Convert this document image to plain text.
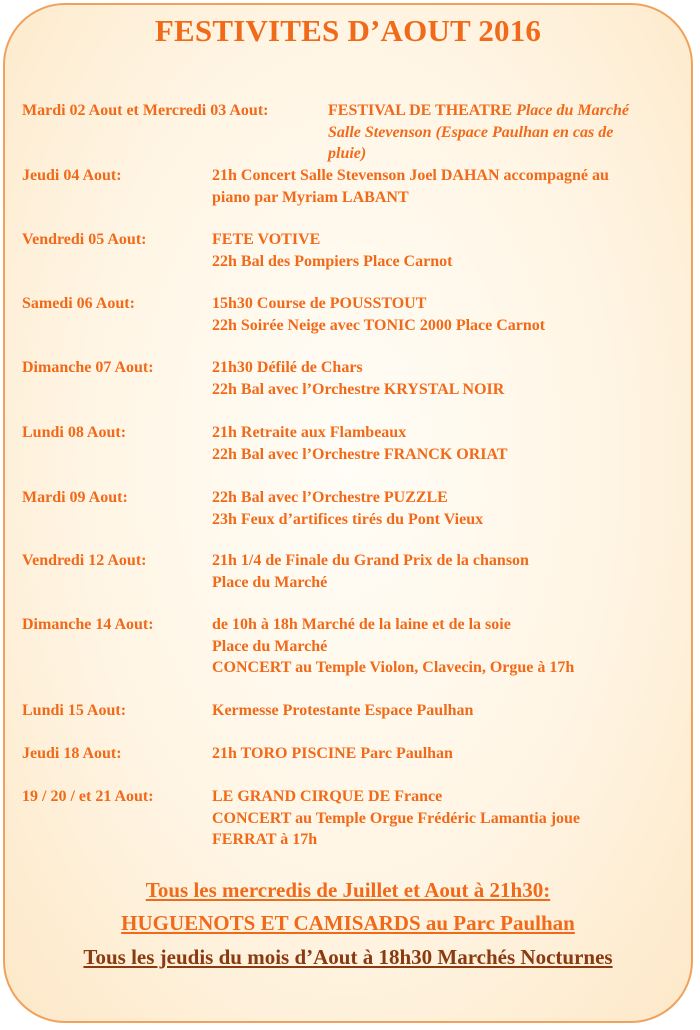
FESTIVITES D’AOUT 2016
Mardi 02 Aout et Mercredi 03 Aout:	FESTIVAL DE THEATRE Place du Marché
Salle Stevenson (Espace Paulhan en cas de
pluie)
Jeudi 04 Aout:	21h Concert Salle Stevenson Joel DAHAN accompagné au
piano par Myriam LABANT
Vendredi 05 Aout:	FETE VOTIVE
22h Bal des Pompiers Place Carnot
Samedi 06 Aout:	15h30 Course de POUSSTOUT
22h Soirée Neige avec TONIC 2000 Place Carnot
Dimanche 07 Aout:	21h30 Défilé de Chars
22h Bal avec l’Orchestre KRYSTAL NOIR
Lundi 08 Aout:	21h Retraite aux Flambeaux
22h Bal avec l’Orchestre FRANCK ORIAT
Mardi 09 Aout:	22h Bal avec l’Orchestre PUZZLE
23h Feux d’artifices tirés du Pont Vieux
Vendredi 12 Aout:	21h 1/4 de Finale du Grand Prix de la chanson
Place du Marché
Dimanche 14 Aout:	de 10h à 18h Marché de la laine et de la soie
Place du Marché
CONCERT au Temple Violon, Clavecin, Orgue à 17h
Lundi 15 Aout:	Kermesse Protestante Espace Paulhan
Jeudi 18 Aout:	21h TORO PISCINE Parc Paulhan
19 / 20 / et 21 Aout:	LE GRAND CIRQUE DE France
CONCERT au Temple Orgue Frédéric Lamantia joue
FERRAT à 17h
Tous les mercredis de Juillet et Aout à 21h30:
HUGUENOTS ET CAMISARDS au Parc Paulhan
Tous les jeudis du mois d’Aout à 18h30 Marchés Nocturnes
